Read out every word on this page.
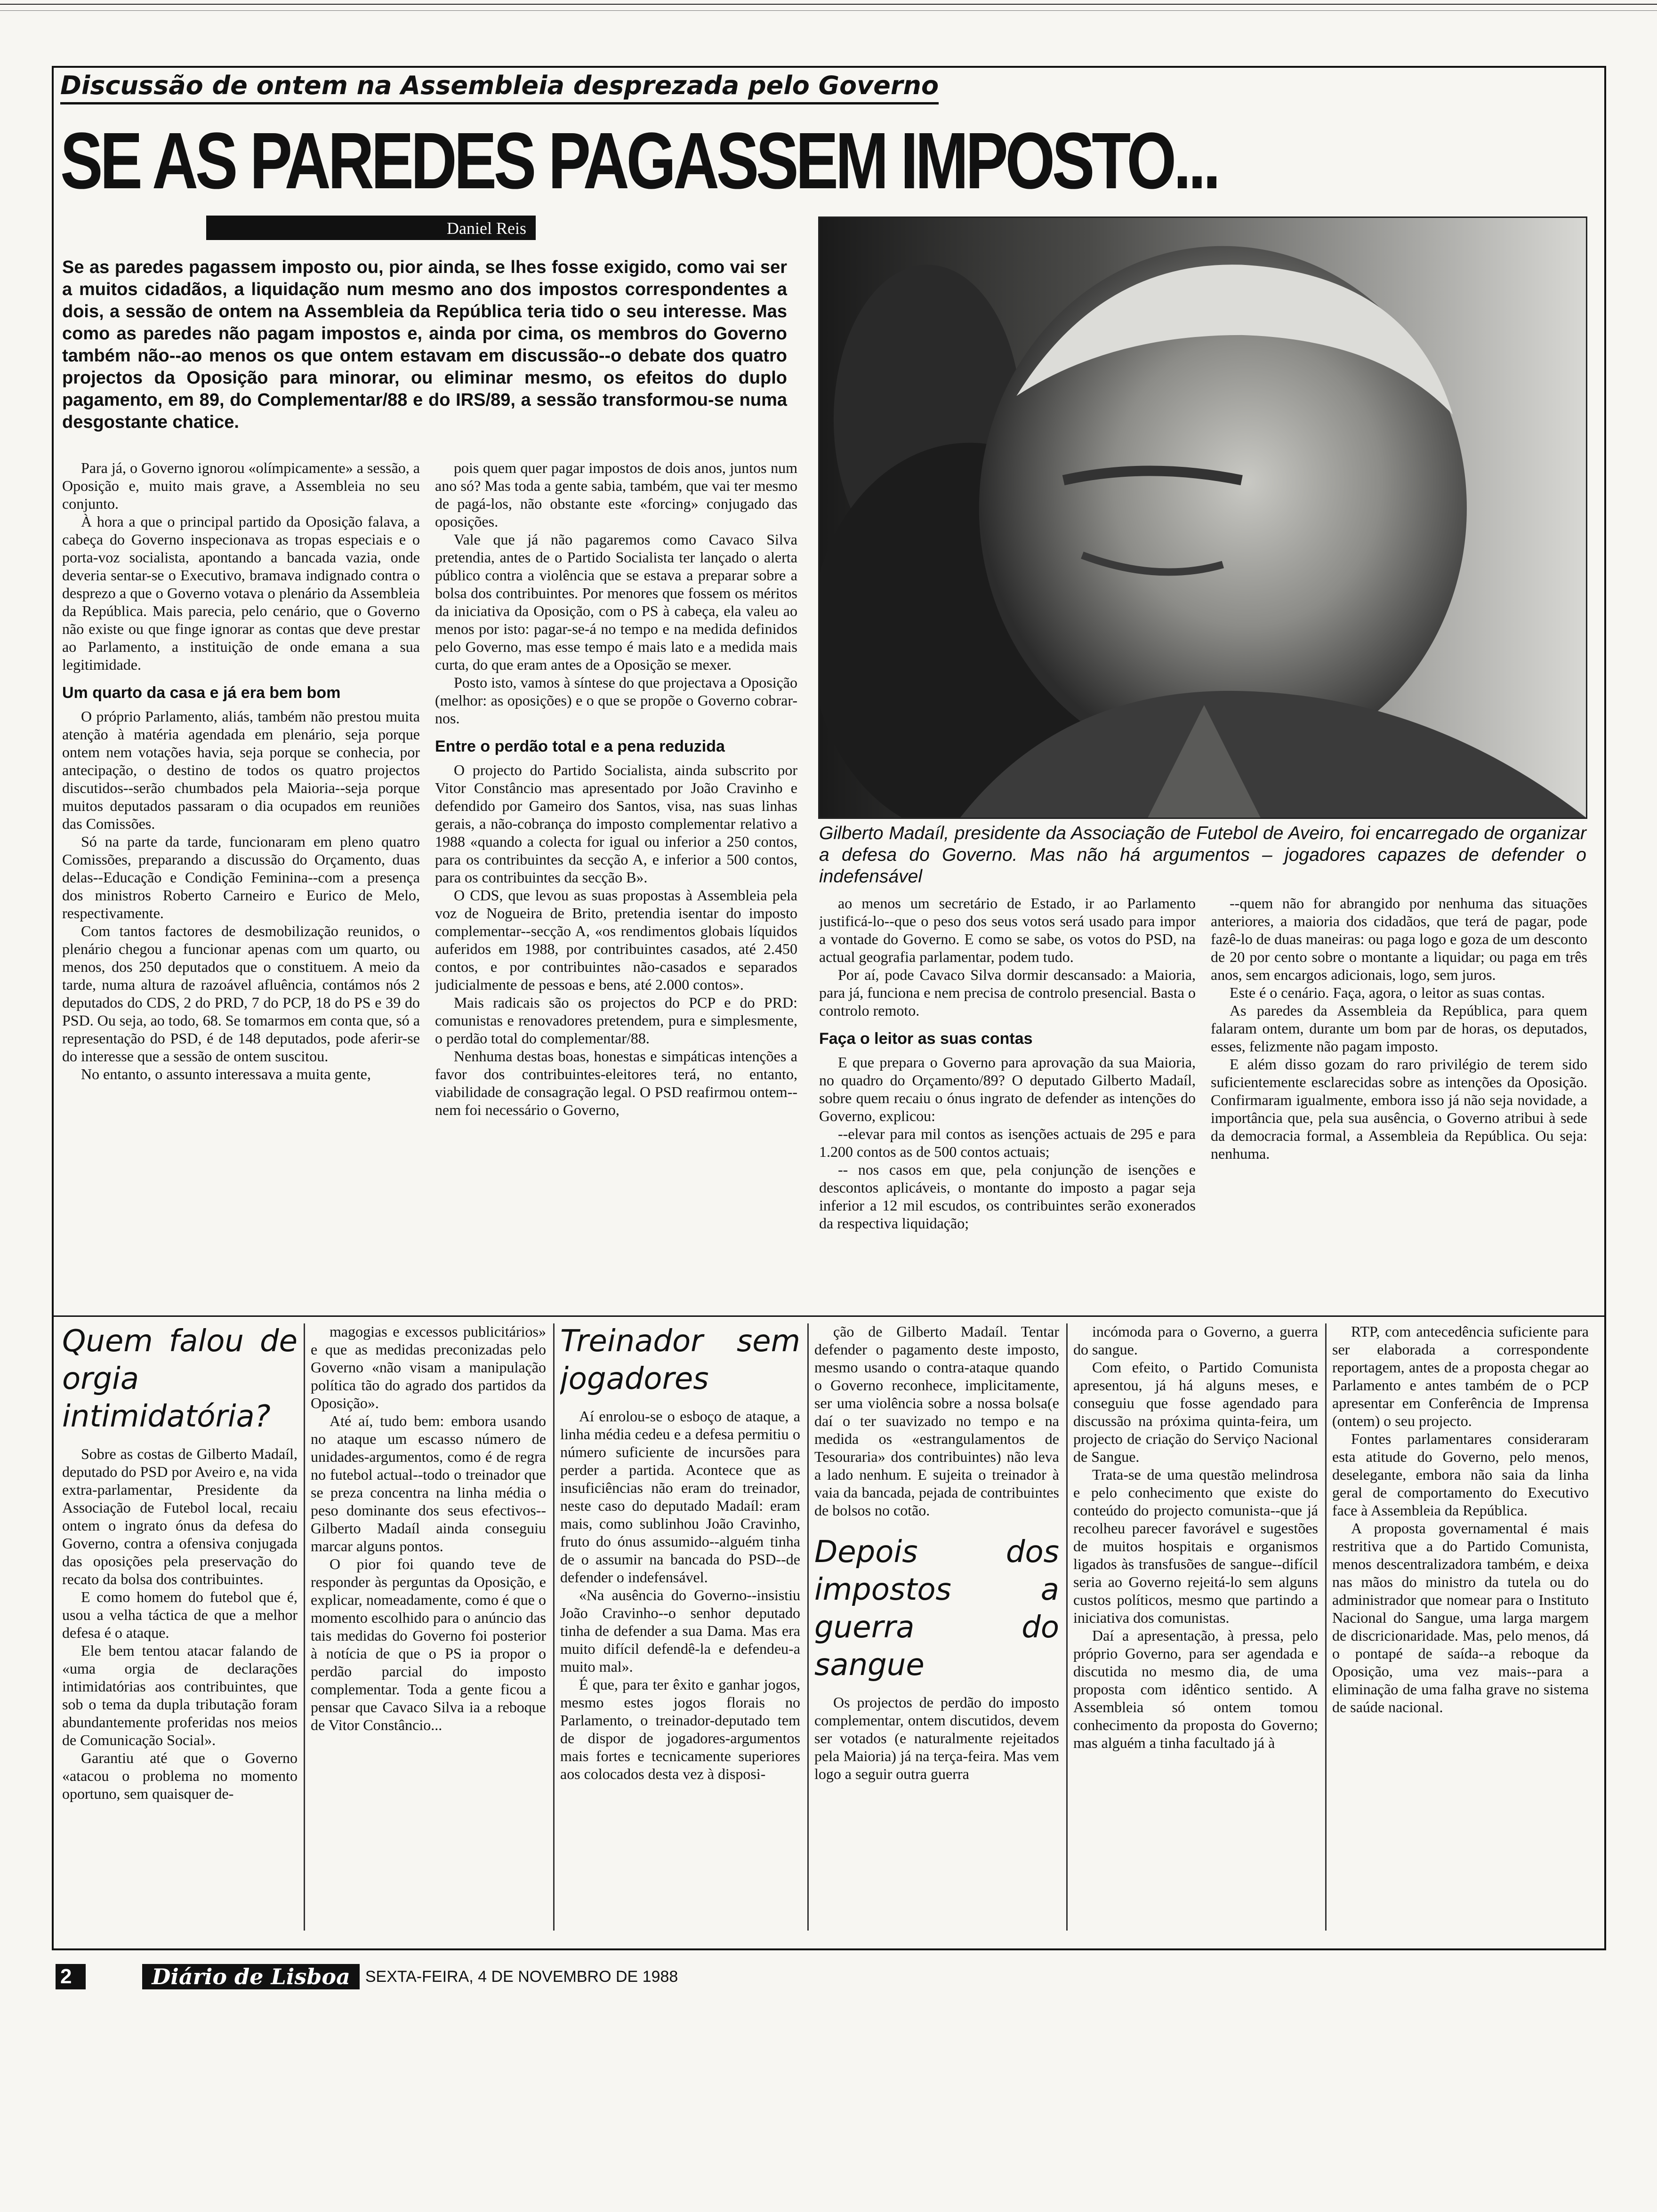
Discussão de ontem na Assembleia desprezada pelo Governo
SE AS PAREDES PAGASSEM IMPOSTO...
Daniel Reis
Se as paredes pagassem imposto ou, pior ainda, se lhes fosse exigido, como vai ser a muitos cidadãos, a liquidação num mesmo ano dos impostos correspondentes a dois, a sessão de ontem na Assembleia da República teria tido o seu interesse. Mas como as paredes não pagam impostos e, ainda por cima, os membros do Governo também não--ao menos os que ontem estavam em discussão--o debate dos quatro projectos da Oposição para minorar, ou eliminar mesmo, os efeitos do duplo pagamento, em 89, do Complementar/88 e do IRS/89, a sessão transformou-se numa desgostante chatice.
Gilberto Madaíl, presidente da Associação de Futebol de Aveiro, foi encarregado de organizar a defesa do Governo. Mas não há argumentos – jogadores capazes de defender o indefensável

Para já, o Governo ignorou «olímpicamente» a sessão, a Oposição e, muito mais grave, a Assembleia no seu conjunto.

À hora a que o principal partido da Oposição falava, a cabeça do Governo inspecionava as tropas especiais e o porta-voz socialista, apontando a bancada vazia, onde deveria sentar-se o Executivo, bramava indignado contra o desprezo a que o Governo votava o plenário da Assembleia da República. Mais parecia, pelo cenário, que o Governo não existe ou que finge ignorar as contas que deve prestar ao Parlamento, a instituição de onde emana a sua legitimidade.

Um quarto da casa e já era bem bom

O próprio Parlamento, aliás, também não prestou muita atenção à matéria agendada em plenário, seja porque ontem nem votações havia, seja porque se conhecia, por antecipação, o destino de todos os quatro projectos discutidos--serão chumbados pela Maioria--seja porque muitos deputados passaram o dia ocupados em reuniões das Comissões.

Só na parte da tarde, funcionaram em pleno quatro Comissões, preparando a discussão do Orçamento, duas delas--Educação e Condição Feminina--com a presença dos ministros Roberto Carneiro e Eurico de Melo, respectivamente.

Com tantos factores de desmobilização reunidos, o plenário chegou a funcionar apenas com um quarto, ou menos, dos 250 deputados que o constituem. A meio da tarde, numa altura de razoável afluência, contámos nós 2 deputados do CDS, 2 do PRD, 7 do PCP, 18 do PS e 39 do PSD. Ou seja, ao todo, 68. Se tomarmos em conta que, só a representação do PSD, é de 148 deputados, pode aferir-se do interesse que a sessão de ontem suscitou.

No entanto, o assunto interessava a muita gente,

pois quem quer pagar impostos de dois anos, juntos num ano só? Mas toda a gente sabia, também, que vai ter mesmo de pagá-los, não obstante este «forcing» conjugado das oposições.

Vale que já não pagaremos como Cavaco Silva pretendia, antes de o Partido Socialista ter lançado o alerta público contra a violência que se estava a preparar sobre a bolsa dos contribuintes. Por menores que fossem os méritos da iniciativa da Oposição, com o PS à cabeça, ela valeu ao menos por isto: pagar-se-á no tempo e na medida definidos pelo Governo, mas esse tempo é mais lato e a medida mais curta, do que eram antes de a Oposição se mexer.

Posto isto, vamos à síntese do que projectava a Oposição (melhor: as oposições) e o que se propõe o Governo cobrar-nos.

Entre o perdão total e a pena reduzida

O projecto do Partido Socialista, ainda subscrito por Vitor Constâncio mas apresentado por João Cravinho e defendido por Gameiro dos Santos, visa, nas suas linhas gerais, a não-cobrança do imposto complementar relativo a 1988 «quando a colecta for igual ou inferior a 250 contos, para os contribuintes da secção A, e inferior a 500 contos, para os contribuintes da secção B».

O CDS, que levou as suas propostas à Assembleia pela voz de Nogueira de Brito, pretendia isentar do imposto complementar--secção A, «os rendimentos globais líquidos auferidos em 1988, por contribuintes casados, até 2.450 contos, e por contribuintes não-casados e separados judicialmente de pessoas e bens, até 2.000 contos».

Mais radicais são os projectos do PCP e do PRD: comunistas e renovadores pretendem, pura e simplesmente, o perdão total do complementar/88.

Nenhuma destas boas, honestas e simpáticas intenções a favor dos contribuintes-eleitores terá, no entanto, viabilidade de consagração legal. O PSD reafirmou ontem--nem foi necessário o Governo,

ao menos um secretário de Estado, ir ao Parlamento justificá-lo--que o peso dos seus votos será usado para impor a vontade do Governo. E como se sabe, os votos do PSD, na actual geografia parlamentar, podem tudo.

Por aí, pode Cavaco Silva dormir descansado: a Maioria, para já, funciona e nem precisa de controlo presencial. Basta o controlo remoto.

Faça o leitor as suas contas

E que prepara o Governo para aprovação da sua Maioria, no quadro do Orçamento/89? O deputado Gilberto Madaíl, sobre quem recaiu o ónus ingrato de defender as intenções do Governo, explicou:

--elevar para mil contos as isenções actuais de 295 e para 1.200 contos as de 500 contos actuais;

-- nos casos em que, pela conjunção de isenções e descontos aplicáveis, o montante do imposto a pagar seja inferior a 12 mil escudos, os contribuintes serão exonerados da respectiva liquidação;

--quem não for abrangido por nenhuma das situações anteriores, a maioria dos cidadãos, que terá de pagar, pode fazê-lo de duas maneiras: ou paga logo e goza de um desconto de 20 por cento sobre o montante a liquidar; ou paga em três anos, sem encargos adicionais, logo, sem juros.

Este é o cenário. Faça, agora, o leitor as suas contas.

As paredes da Assembleia da República, para quem falaram ontem, durante um bom par de horas, os deputados, esses, felizmente não pagam imposto.

E além disso gozam do raro privilégio de terem sido suficientemente esclarecidas sobre as intenções da Oposição. Confirmaram igualmente, embora isso já não seja novidade, a importância que, pela sua ausência, o Governo atribui à sede da democracia formal, a Assembleia da República. Ou seja: nenhuma.

Quem falou de orgia intimidatória?

Sobre as costas de Gilberto Madaíl, deputado do PSD por Aveiro e, na vida extra-parlamentar, Presidente da Associação de Futebol local, recaiu ontem o ingrato ónus da defesa do Governo, contra a ofensiva conjugada das oposições pela preservação do recato da bolsa dos contribuintes.

E como homem do futebol que é, usou a velha táctica de que a melhor defesa é o ataque.

Ele bem tentou atacar falando de «uma orgia de declarações intimidatórias aos contribuintes, que sob o tema da dupla tributação foram abundantemente proferidas nos meios de Comunicação Social».

Garantiu até que o Governo «atacou o problema no momento oportuno, sem quaisquer de-

magogias e excessos publicitários» e que as medidas preconizadas pelo Governo «não visam a manipulação política tão do agrado dos partidos da Oposição».

Até aí, tudo bem: embora usando no ataque um escasso número de unidades-argumentos, como é de regra no futebol actual--todo o treinador que se preza concentra na linha média o peso dominante dos seus efectivos--Gilberto Madaíl ainda conseguiu marcar alguns pontos.

O pior foi quando teve de responder às perguntas da Oposição, e explicar, nomeadamente, como é que o momento escolhido para o anúncio das tais medidas do Governo foi posterior à notícia de que o PS ia propor o perdão parcial do imposto complementar. Toda a gente ficou a pensar que Cavaco Silva ia a reboque de Vitor Constâncio...

Treinador sem jogadores

Aí enrolou-se o esboço de ataque, a linha média cedeu e a defesa permitiu o número suficiente de incursões para perder a partida. Acontece que as insuficiências não eram do treinador, neste caso do deputado Madaíl: eram mais, como sublinhou João Cravinho, fruto do ónus assumido--alguém tinha de o assumir na bancada do PSD--de defender o indefensável.

«Na ausência do Governo--insistiu João Cravinho--o senhor deputado tinha de defender a sua Dama. Mas era muito difícil defendê-la e defendeu-a muito mal».

É que, para ter êxito e ganhar jogos, mesmo estes jogos florais no Parlamento, o treinador-deputado tem de dispor de jogadores-argumentos mais fortes e tecnicamente superiores aos colocados desta vez à disposi-

ção de Gilberto Madaíl. Tentar defender o pagamento deste imposto, mesmo usando o contra-ataque quando o Governo reconhece, implicitamente, ser uma violência sobre a nossa bolsa(e daí o ter suavizado no tempo e na medida os «estrangulamentos de Tesouraria» dos contribuintes) não leva a lado nenhum. E sujeita o treinador à vaia da bancada, pejada de contribuintes de bolsos no cotão.

Depois dos impostos a guerra do sangue

Os projectos de perdão do imposto complementar, ontem discutidos, devem ser votados (e naturalmente rejeitados pela Maioria) já na terça-feira. Mas vem logo a seguir outra guerra

incómoda para o Governo, a guerra do sangue.

Com efeito, o Partido Comunista apresentou, já há alguns meses, e conseguiu que fosse agendado para discussão na próxima quinta-feira, um projecto de criação do Serviço Nacional de Sangue.

Trata-se de uma questão melindrosa e pelo conhecimento que existe do conteúdo do projecto comunista--que já recolheu parecer favorável e sugestões de muitos hospitais e organismos ligados às transfusões de sangue--difícil seria ao Governo rejeitá-lo sem alguns custos políticos, mesmo que partindo a iniciativa dos comunistas.

Daí a apresentação, à pressa, pelo próprio Governo, para ser agendada e discutida no mesmo dia, de uma proposta com idêntico sentido. A Assembleia só ontem tomou conhecimento da proposta do Governo; mas alguém a tinha facultado já à

RTP, com antecedência suficiente para ser elaborada a correspondente reportagem, antes de a proposta chegar ao Parlamento e antes também de o PCP apresentar em Conferência de Imprensa (ontem) o seu projecto.

Fontes parlamentares consideraram esta atitude do Governo, pelo menos, deselegante, embora não saia da linha geral de comportamento do Executivo face à Assembleia da República.

A proposta governamental é mais restritiva que a do Partido Comunista, menos descentralizadora também, e deixa nas mãos do ministro da tutela ou do administrador que nomear para o Instituto Nacional do Sangue, uma larga margem de discricionaridade. Mas, pelo menos, dá o pontapé de saída--a reboque da Oposição, uma vez mais--para a eliminação de uma falha grave no sistema de saúde nacional.

2	Diário de Lisboa SEXTA-FEIRA, 4 DE NOVEMBRO DE 1988
